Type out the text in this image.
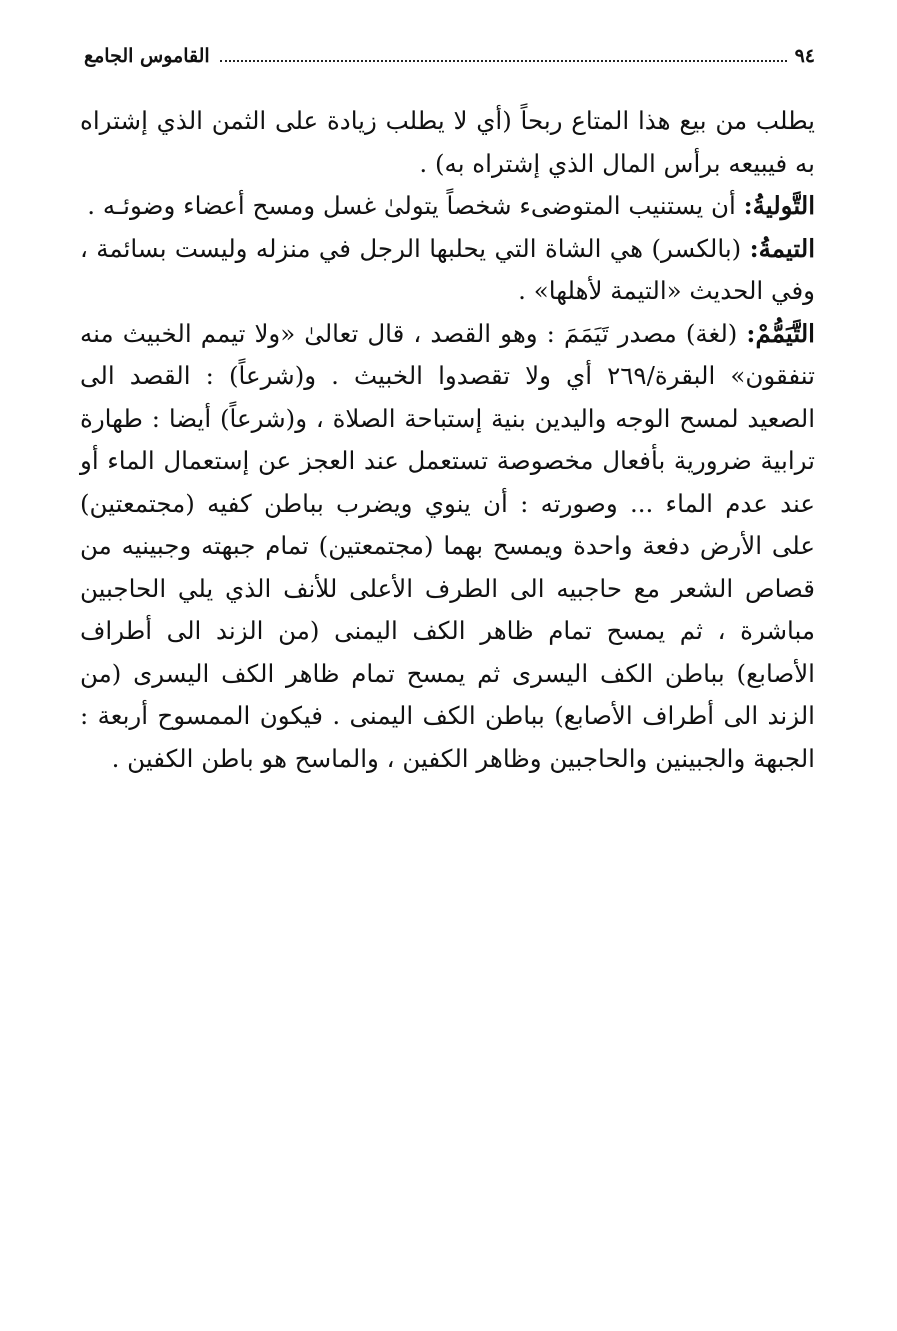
٩٤
القاموس الجامع

يطلب من بيع هذا المتاع ربحاً (أي لا يطلب زيادة على الثمن الذي إشتراه به فيبيعه برأس المال الذي إشتراه به) .

التَّوليةُ: أن يستنيب المتوضىء شخصاً يتولىٰ غسل ومسح أعضاء وضوئـه .

التيمةُ: (بالكسر) هي الشاة التي يحلبها الرجل في منزله وليست بسائمة ، وفي الحديث «التيمة لأهلها» .

التَّيَمُّمْ: (لغة) مصدر تَيَمَمَ : وهو القصد ، قال تعالىٰ «ولا تيمم الخبيث منه تنفقون» البقرة/٢٦٩ أي ولا تقصدوا الخبيث . و(شرعاً) : القصد الى الصعيد لمسح الوجه واليدين بنية إستباحة الصلاة ، و(شرعاً) أيضا : طهارة ترابية ضرورية بأفعال مخصوصة تستعمل عند العجز عن إستعمال الماء أو عند عدم الماء ... وصورته : أن ينوي ويضرب بباطن كفيه (مجتمعتين) على الأرض دفعة واحدة ويمسح بهما (مجتمعتين) تمام جبهته وجبينيه من قصاص الشعر مع حاجبيه الى الطرف الأعلى للأنف الذي يلي الحاجبين مباشرة ، ثم يمسح تمام ظاهر الكف اليمنى (من الزند الى أطراف الأصابع) بباطن الكف اليسرى ثم يمسح تمام ظاهر الكف اليسرى (من الزند الى أطراف الأصابع) بباطن الكف اليمنى . فيكون الممسوح أربعة : الجبهة والجبينين والحاجبين وظاهر الكفين ، والماسح هو باطن الكفين .
